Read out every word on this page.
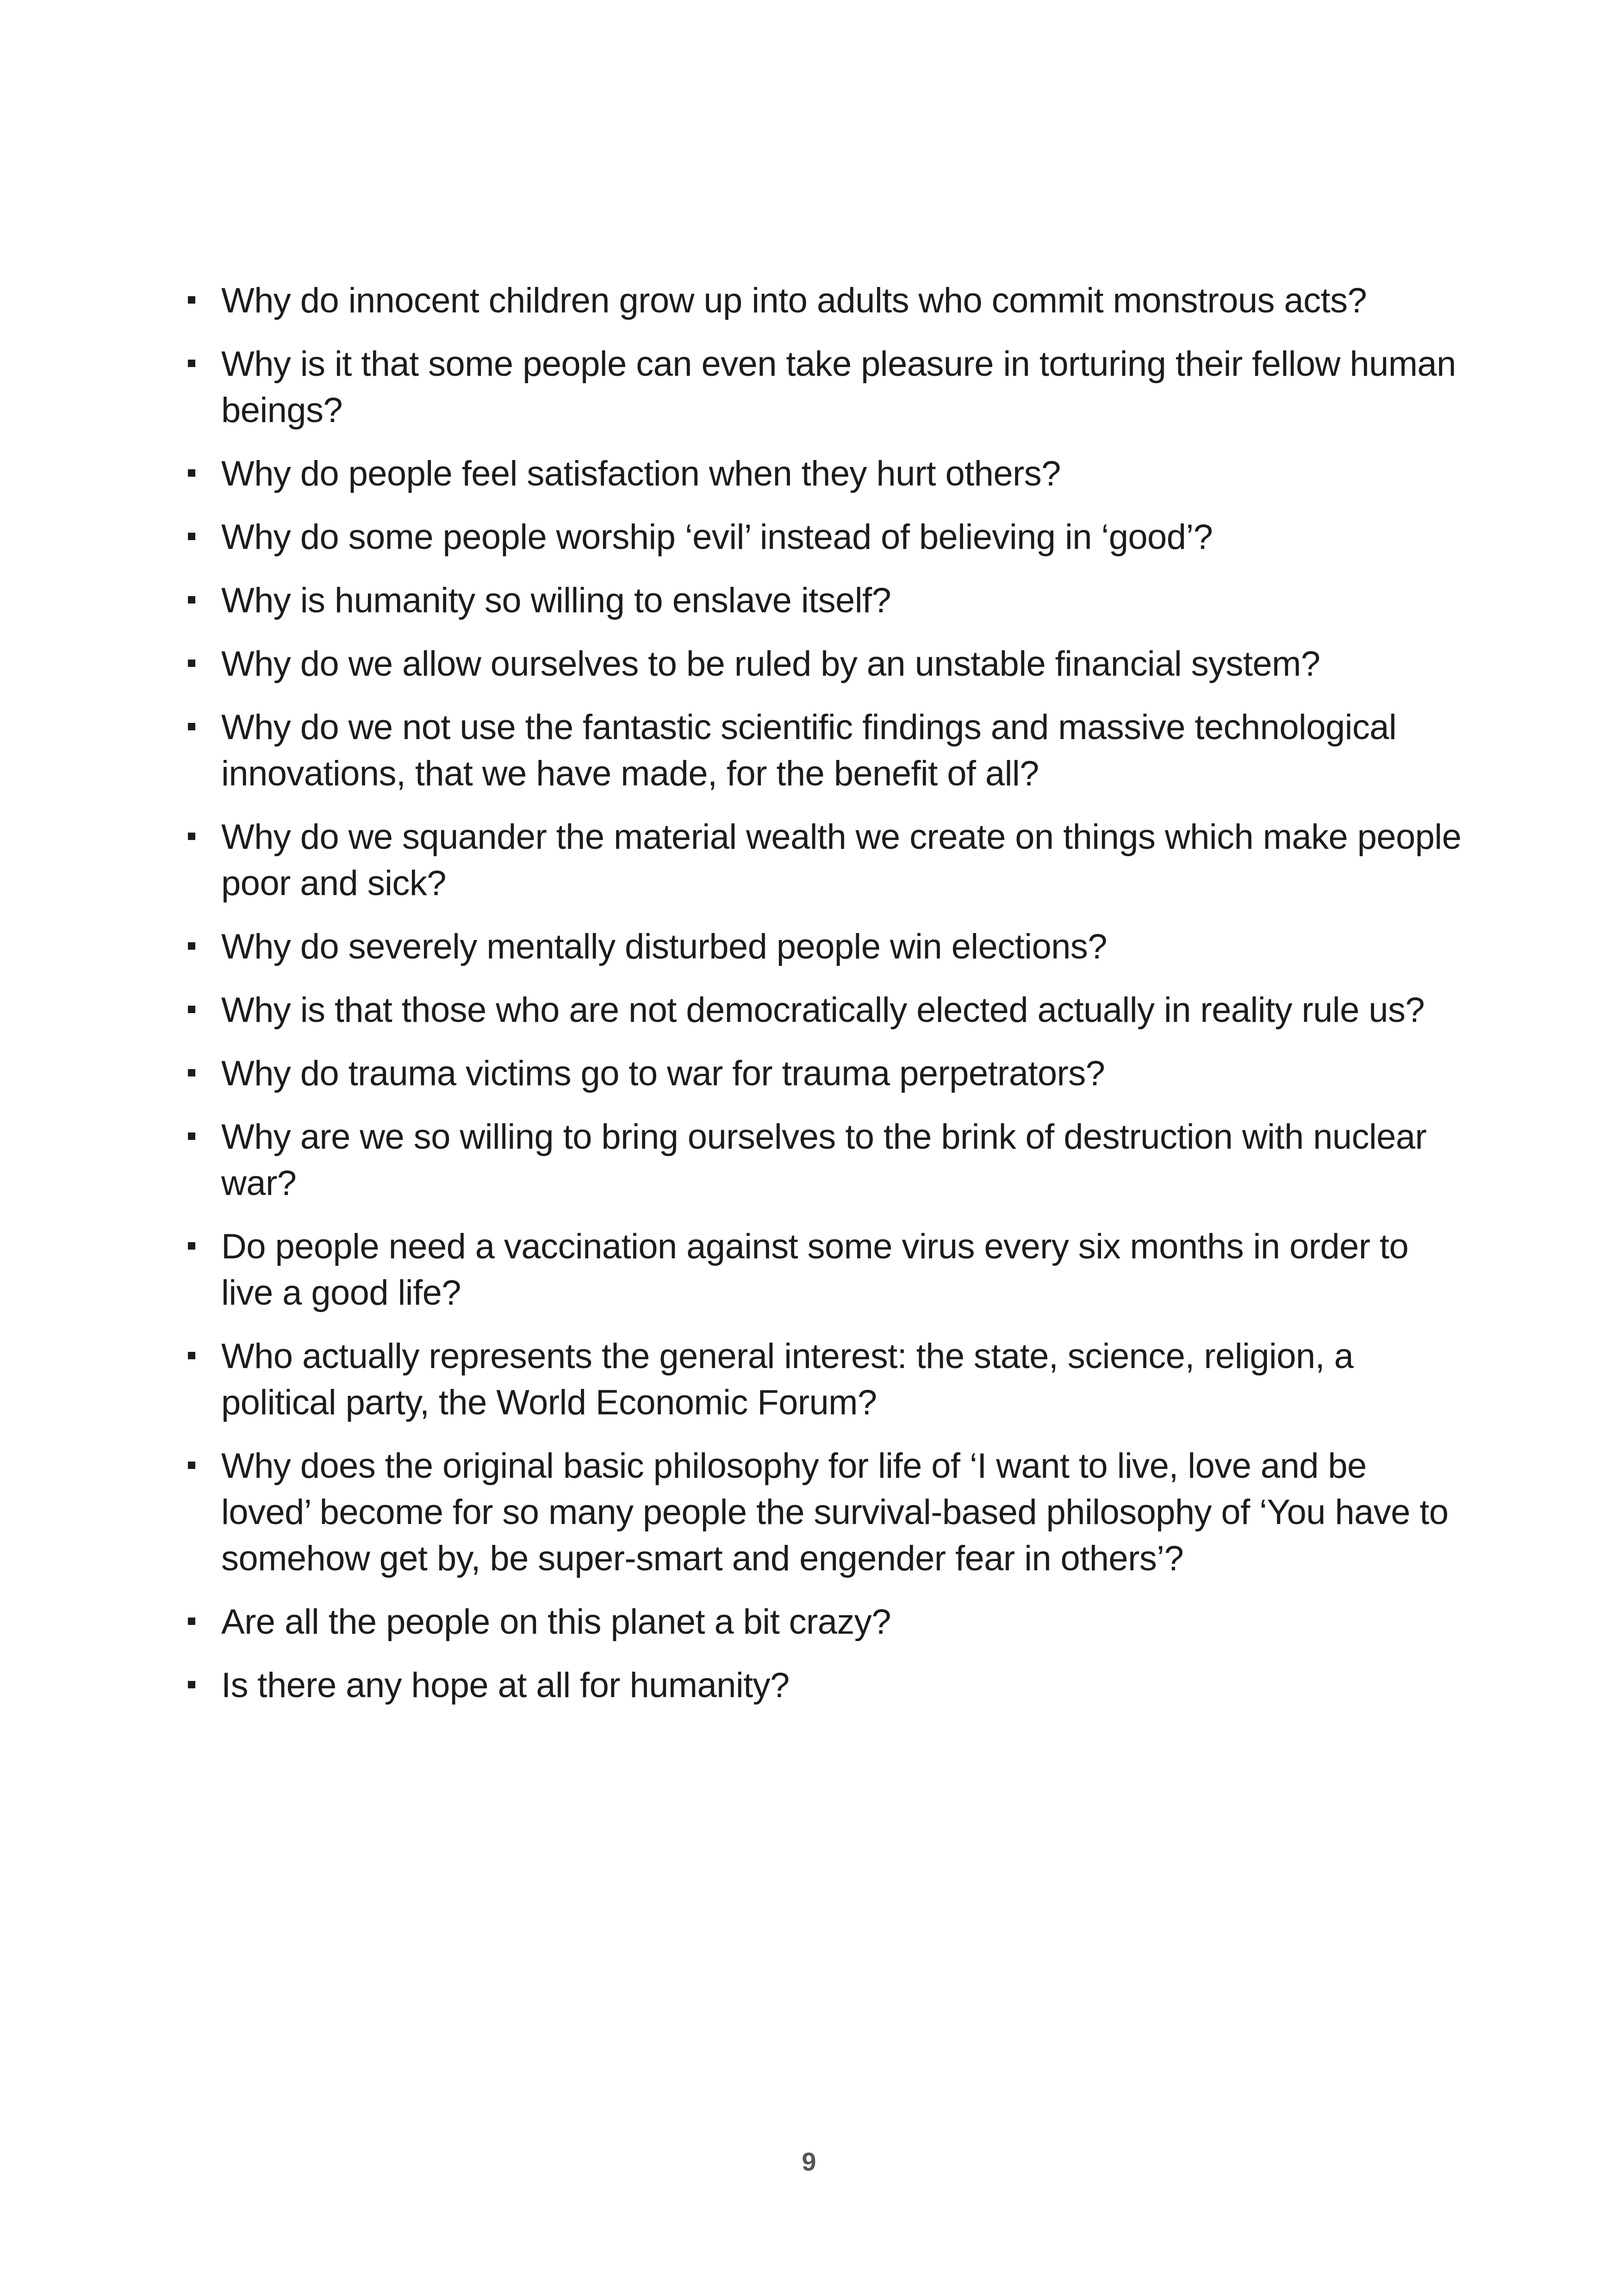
Why do innocent children grow up into adults who commit monstrous acts?
Why is it that some people can even take pleasure in torturing their fellow human beings?
Why do people feel satisfaction when they hurt others?
Why do some people worship ‘evil’ instead of believing in ‘good’?
Why is humanity so willing to enslave itself?
Why do we allow ourselves to be ruled by an unstable financial system?
Why do we not use the fantastic scientific findings and massive technological innovations, that we have made, for the benefit of all?
Why do we squander the material wealth we create on things which make people poor and sick?
Why do severely mentally disturbed people win elections?
Why is that those who are not democratically elected actually in reality rule us?
Why do trauma victims go to war for trauma perpetrators?
Why are we so willing to bring ourselves to the brink of destruction with nuclear war?
Do people need a vaccination against some virus every six months in order to live a good life?
Who actually represents the general interest: the state, science, religion, a political party, the World Economic Forum?
Why does the original basic philosophy for life of ‘I want to live, love and be loved’ become for so many people the survival-based philosophy of ‘You have to somehow get by, be super-smart and engender fear in others’?
Are all the people on this planet a bit crazy?
Is there any hope at all for humanity?
9
